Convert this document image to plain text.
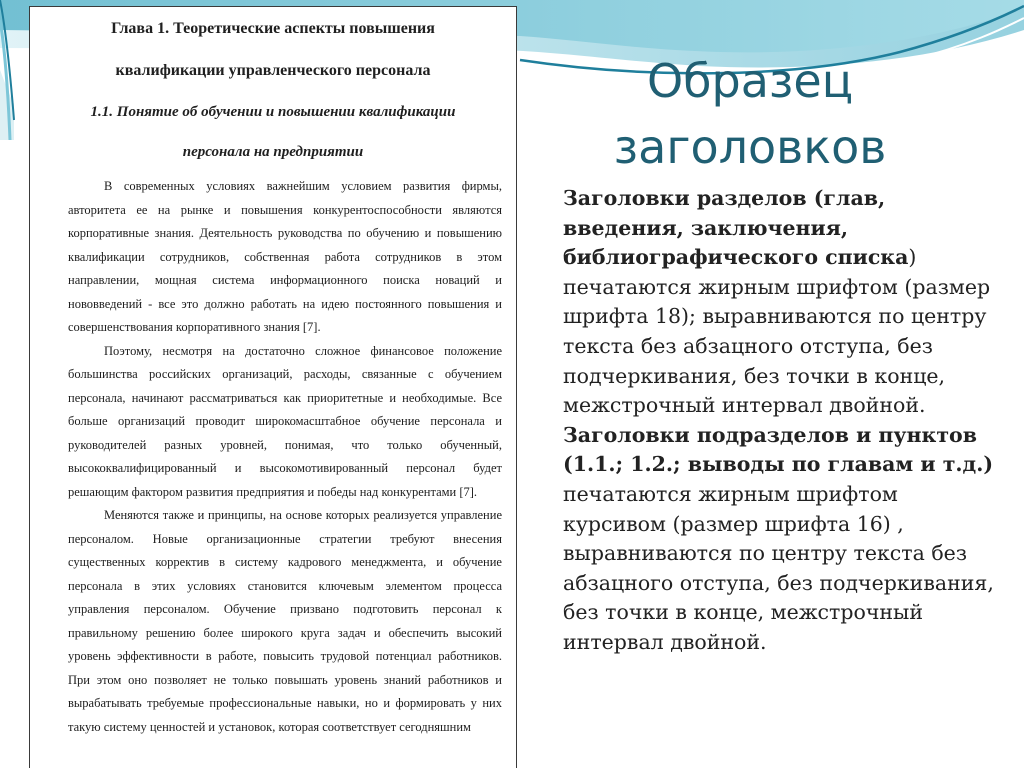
Глава 1. Теоретические аспекты повышения
квалификации управленческого персонала
1.1. Понятие об обучении и повышении квалификации
персонала на предприятии

В современных условиях важнейшим условием развития фирмы, авторитета ее на рынке и повышения конкурентоспособности являются корпоративные знания. Деятельность руководства по обучению и повышению квалификации сотрудников, собственная работа сотрудников в этом направлении, мощная система информационного поиска новаций и нововведений - все это должно работать на идею постоянного повышения и совершенствования корпоративного знания [7].

Поэтому, несмотря на достаточно сложное финансовое положение большинства российских организаций, расходы, связанные с обучением персонала, начинают рассматриваться как приоритетные и необходимые. Все больше организаций проводит широкомасштабное обучение персонала и руководителей разных уровней, понимая, что только обученный, высококвалифицированный и высокомотивированный персонал будет решающим фактором развития предприятия и победы над конкурентами [7].

Меняются также и принципы, на основе которых реализуется управление персоналом. Новые организационные стратегии требуют внесения существенных корректив в систему кадрового менеджмента, и обучение персонала в этих условиях становится ключевым элементом процесса управления персоналом. Обучение призвано подготовить персонал к правильному решению более широкого круга задач и обеспечить высокий уровень эффективности в работе, повысить трудовой потенциал работников. При этом оно позволяет не только повышать уровень знаний работников и вырабатывать требуемые профессиональные навыки, но и формировать у них такую систему ценностей и установок, которая соответствует сегодняшним

Образец
заголовков
Заголовки разделов (глав, введения, заключения, библиографического списка) печатаются жирным шрифтом (размер шрифта 18); выравниваются по центру текста без абзацного отступа, без подчеркивания, без точки в конце, межстрочный интервал двойной.
Заголовки подразделов и пунктов (1.1.; 1.2.; выводы по главам и т.д.) печатаются жирным шрифтом курсивом (размер шрифта 16) , выравниваются по центру текста без абзацного отступа, без подчеркивания, без точки в конце, межстрочный интервал двойной.
